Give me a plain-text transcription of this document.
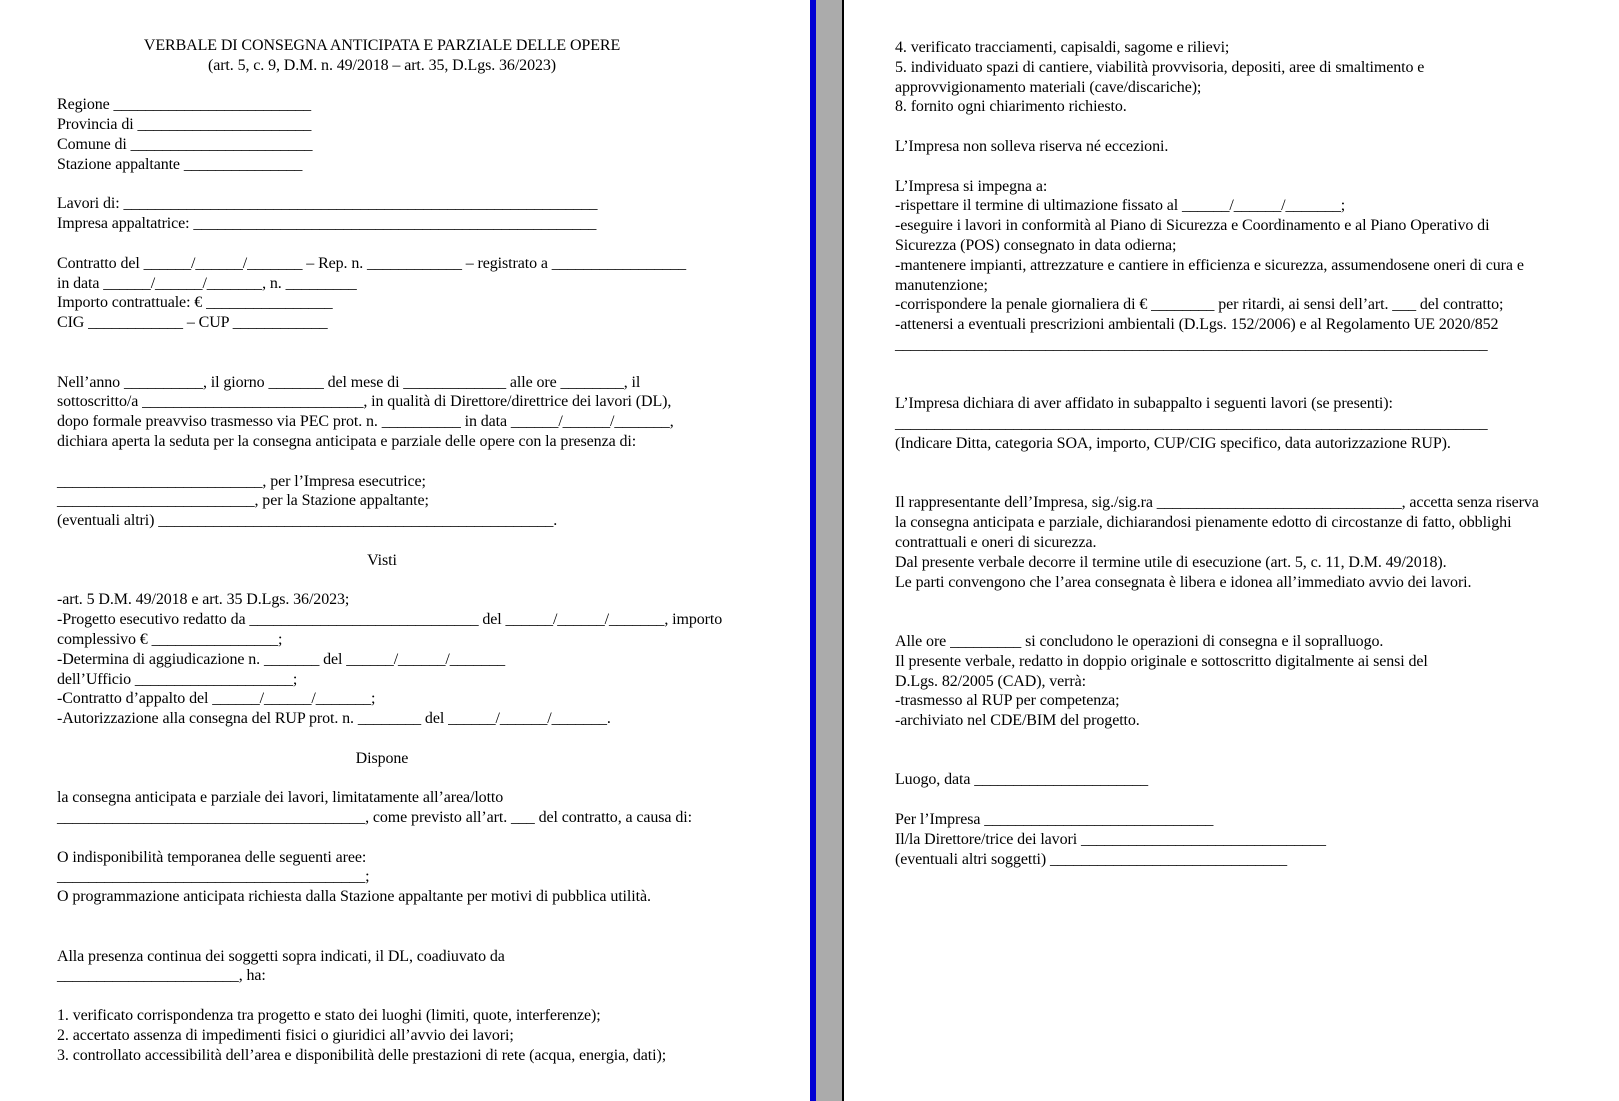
VERBALE DI CONSEGNA ANTICIPATA E PARZIALE DELLE OPERE
(art. 5, c. 9, D.M. n. 49/2018 – art. 35, D.Lgs. 36/2023)
Regione _________________________
Provincia di ______________________
Comune di _______________________
Stazione appaltante _______________
Lavori di: ____________________________________________________________
Impresa appaltatrice: ___________________________________________________
Contratto del ______/______/_______ – Rep. n. ____________ – registrato a _________________
in data ______/______/_______, n. _________
Importo contrattuale: € ________________
CIG ____________ – CUP ____________
Nell’anno __________, il giorno _______ del mese di _____________ alle ore ________, il
sottoscritto/a ____________________________, in qualità di Direttore/direttrice dei lavori (DL),
dopo formale preavviso trasmesso via PEC prot. n. __________ in data ______/______/_______,
dichiara aperta la seduta per la consegna anticipata e parziale delle opere con la presenza di:
__________________________, per l’Impresa esecutrice;
_________________________, per la Stazione appaltante;
(eventuali altri) __________________________________________________.
Visti
-art. 5 D.M. 49/2018 e art. 35 D.Lgs. 36/2023;
-Progetto esecutivo redatto da _____________________________ del ______/______/_______, importo
complessivo € ________________;
-Determina di aggiudicazione n. _______ del ______/______/_______
dell’Ufficio ____________________;
-Contratto d’appalto del ______/______/_______;
-Autorizzazione alla consegna del RUP prot. n. ________ del ______/______/_______.
Dispone
la consegna anticipata e parziale dei lavori, limitatamente all’area/lotto
_______________________________________, come previsto all’art. ___ del contratto, a causa di:
O indisponibilità temporanea delle seguenti aree:
_______________________________________;
O programmazione anticipata richiesta dalla Stazione appaltante per motivi di pubblica utilità.
Alla presenza continua dei soggetti sopra indicati, il DL, coadiuvato da
_______________________, ha:
1. verificato corrispondenza tra progetto e stato dei luoghi (limiti, quote, interferenze);
2. accertato assenza di impedimenti fisici o giuridici all’avvio dei lavori;
3. controllato accessibilità dell’area e disponibilità delle prestazioni di rete (acqua, energia, dati);
4. verificato tracciamenti, capisaldi, sagome e rilievi;
5. individuato spazi di cantiere, viabilità provvisoria, depositi, aree di smaltimento e
approvvigionamento materiali (cave/discariche);
8. fornito ogni chiarimento richiesto.
L’Impresa non solleva riserva né eccezioni.
L’Impresa si impegna a:
-rispettare il termine di ultimazione fissato al ______/______/_______;
-eseguire i lavori in conformità al Piano di Sicurezza e Coordinamento e al Piano Operativo di
Sicurezza (POS) consegnato in data odierna;
-mantenere impianti, attrezzature e cantiere in efficienza e sicurezza, assumendosene oneri di cura e
manutenzione;
-corrispondere la penale giornaliera di € ________ per ritardi, ai sensi dell’art. ___ del contratto;
-attenersi a eventuali prescrizioni ambientali (D.Lgs. 152/2006) e al Regolamento UE 2020/852
___________________________________________________________________________
L’Impresa dichiara di aver affidato in subappalto i seguenti lavori (se presenti):
___________________________________________________________________________
(Indicare Ditta, categoria SOA, importo, CUP/CIG specifico, data autorizzazione RUP).
Il rappresentante dell’Impresa, sig./sig.ra _______________________________, accetta senza riserva
la consegna anticipata e parziale, dichiarandosi pienamente edotto di circostanze di fatto, obblighi
contrattuali e oneri di sicurezza.
Dal presente verbale decorre il termine utile di esecuzione (art. 5, c. 11, D.M. 49/2018).
Le parti convengono che l’area consegnata è libera e idonea all’immediato avvio dei lavori.
Alle ore _________ si concludono le operazioni di consegna e il sopralluogo.
Il presente verbale, redatto in doppio originale e sottoscritto digitalmente ai sensi del
D.Lgs. 82/2005 (CAD), verrà:
-trasmesso al RUP per competenza;
-archiviato nel CDE/BIM del progetto.
Luogo, data ______________________
Per l’Impresa _____________________________
Il/la Direttore/trice dei lavori _______________________________
(eventuali altri soggetti) ______________________________
